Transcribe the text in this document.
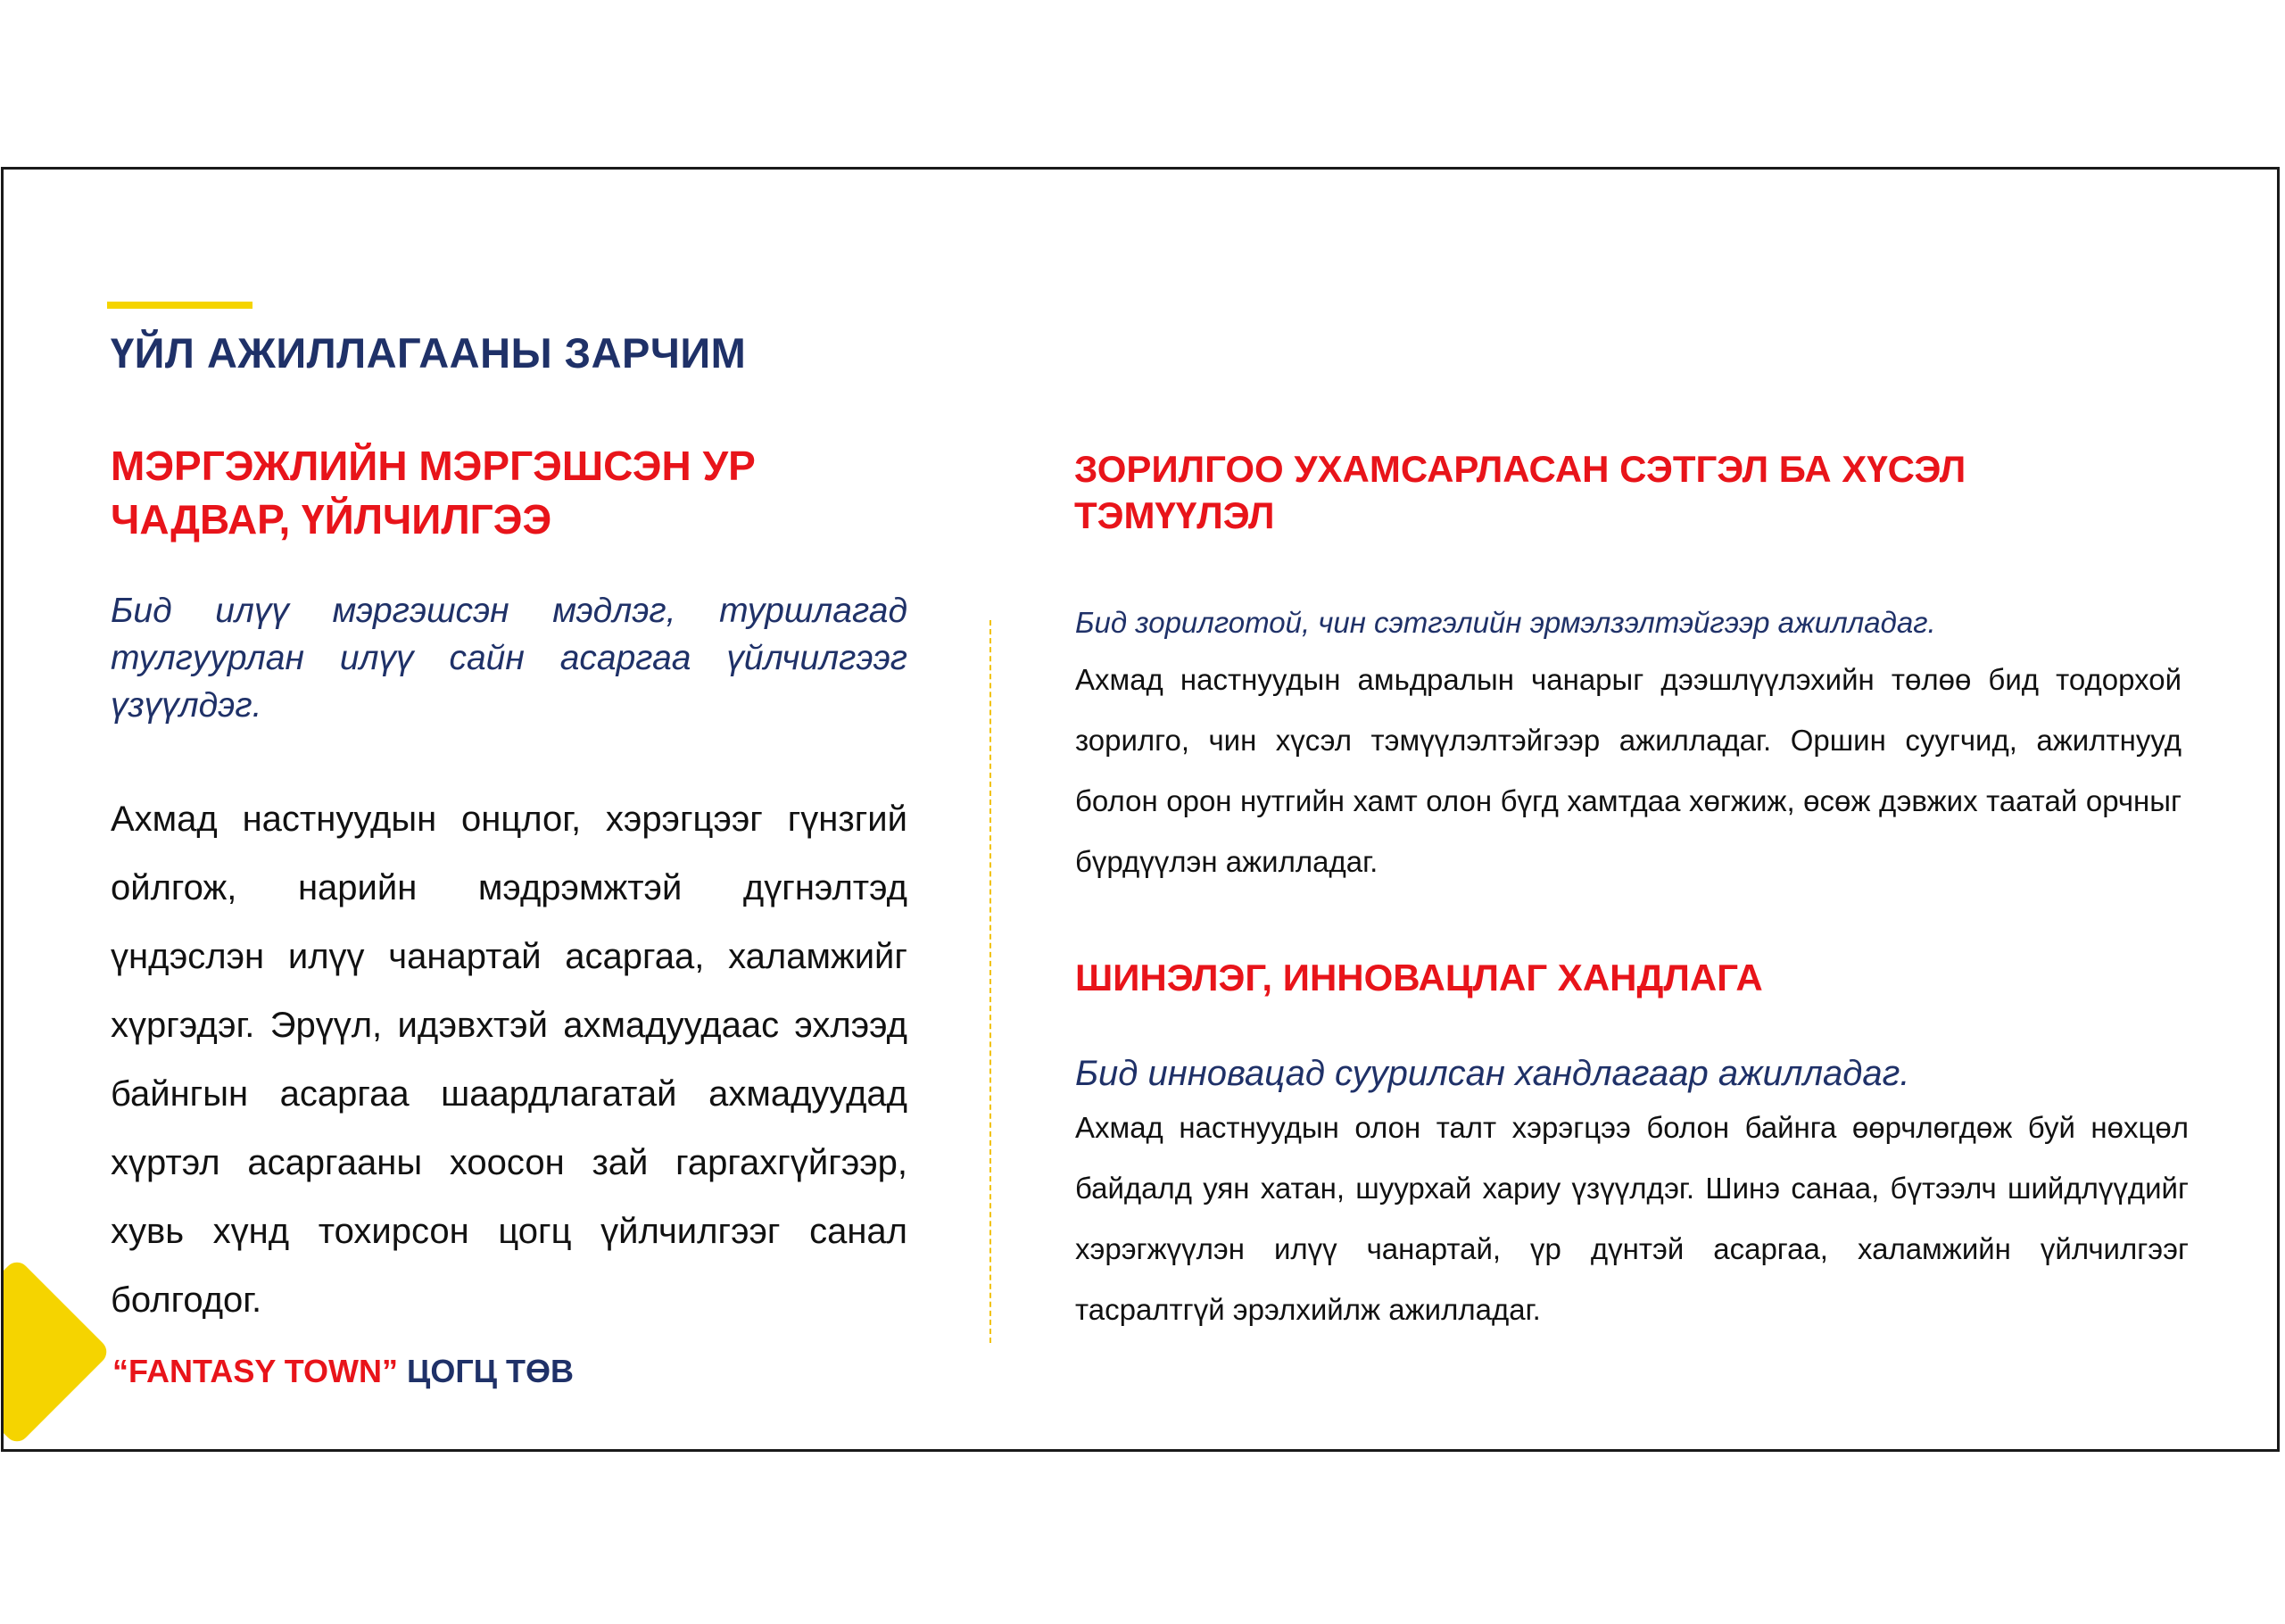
ҮЙЛ АЖИЛЛАГААНЫ ЗАРЧИМ
МЭРГЭЖЛИЙН МЭРГЭШСЭН УР ЧАДВАР, ҮЙЛЧИЛГЭЭ

Бид илүү мэргэшсэн мэдлэг, туршлагад тулгуурлан илүү сайн асаргаа үйлчилгээг үзүүлдэг.

Ахмад настнуудын онцлог, хэрэгцээг гүнзгий ойлгож, нарийн мэдрэмжтэй дүгнэлтэд үндэслэн илүү чанартай асаргаа, халамжийг хүргэдэг. Эрүүл, идэвхтэй ахмадуудаас эхлээд байнгын асаргаа шаардлагатай ахмадуудад хүртэл асаргааны хоосон зай гаргахгүйгээр, хувь хүнд тохирсон цогц үйлчилгээг санал болгодог.

“FANTASY TOWN” ЦОГЦ ТӨВ

ЗОРИЛГОО УХАМСАРЛАСАН СЭТГЭЛ БА ХҮСЭЛ ТЭМҮҮЛЭЛ

Бид зорилготой, чин сэтгэлийн эрмэлзэлтэйгээр ажилладаг.

Ахмад настнуудын амьдралын чанарыг дээшлүүлэхийн төлөө бид тодорхой зорилго, чин хүсэл тэмүүлэлтэйгээр ажилладаг. Оршин суугчид, ажилтнууд болон орон нутгийн хамт олон бүгд хамтдаа хөгжиж, өсөж дэвжих таатай орчныг бүрдүүлэн ажилладаг.

ШИНЭЛЭГ, ИННОВАЦЛАГ ХАНДЛАГА

Бид инновацад суурилсан хандлагаар ажилладаг.

Ахмад настнуудын олон талт хэрэгцээ болон байнга өөрчлөгдөж буй нөхцөл байдалд уян хатан, шуурхай хариу үзүүлдэг. Шинэ санаа, бүтээлч шийдлүүдийг хэрэгжүүлэн илүү чанартай, үр дүнтэй асаргаа, халамжийн үйлчилгээг тасралтгүй эрэлхийлж ажилладаг.
